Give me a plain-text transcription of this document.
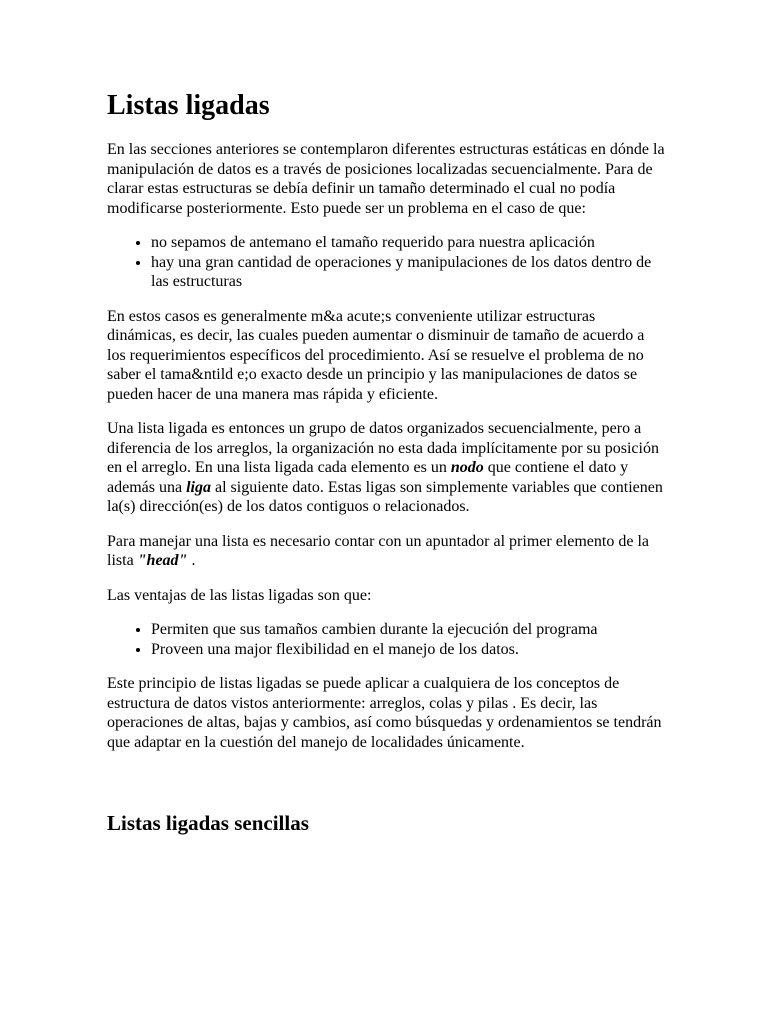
Listas ligadas

En las secciones anteriores se contemplaron diferentes estructuras estáticas en dónde la manipulación de datos es a través de posiciones localizadas secuencialmente. Para de clarar estas estructuras se debía definir un tamaño determinado el cual no podía modificarse posteriormente. Esto puede ser un problema en el caso de que:

• no sepamos de antemano el tamaño requerido para nuestra aplicación
• hay una gran cantidad de operaciones y manipulaciones de los datos dentro de las estructuras

En estos casos es generalmente m&a acute;s conveniente utilizar estructuras dinámicas, es decir, las cuales pueden aumentar o disminuir de tamaño de acuerdo a los requerimientos específicos del procedimiento. Así se resuelve el problema de no saber el tama&ntild e;o exacto desde un principio y las manipulaciones de datos se pueden hacer de una manera mas rápida y eficiente.

Una lista ligada es entonces un grupo de datos organizados secuencialmente, pero a diferencia de los arreglos, la organización no esta dada implícitamente por su posición en el arreglo. En una lista ligada cada elemento es un nodo que contiene el dato y además una liga al siguiente dato. Estas ligas son simplemente variables que contienen la(s) dirección(es) de los datos contiguos o relacionados.

Para manejar una lista es necesario contar con un apuntador al primer elemento de la lista "head" .

Las ventajas de las listas ligadas son que:

• Permiten que sus tamaños cambien durante la ejecución del programa
• Proveen una major flexibilidad en el manejo de los datos.

Este principio de listas ligadas se puede aplicar a cualquiera de los conceptos de estructura de datos vistos anteriormente: arreglos, colas y pilas . Es decir, las operaciones de altas, bajas y cambios, así como búsquedas y ordenamientos se tendrán que adaptar en la cuestión del manejo de localidades únicamente.

Listas ligadas sencillas
